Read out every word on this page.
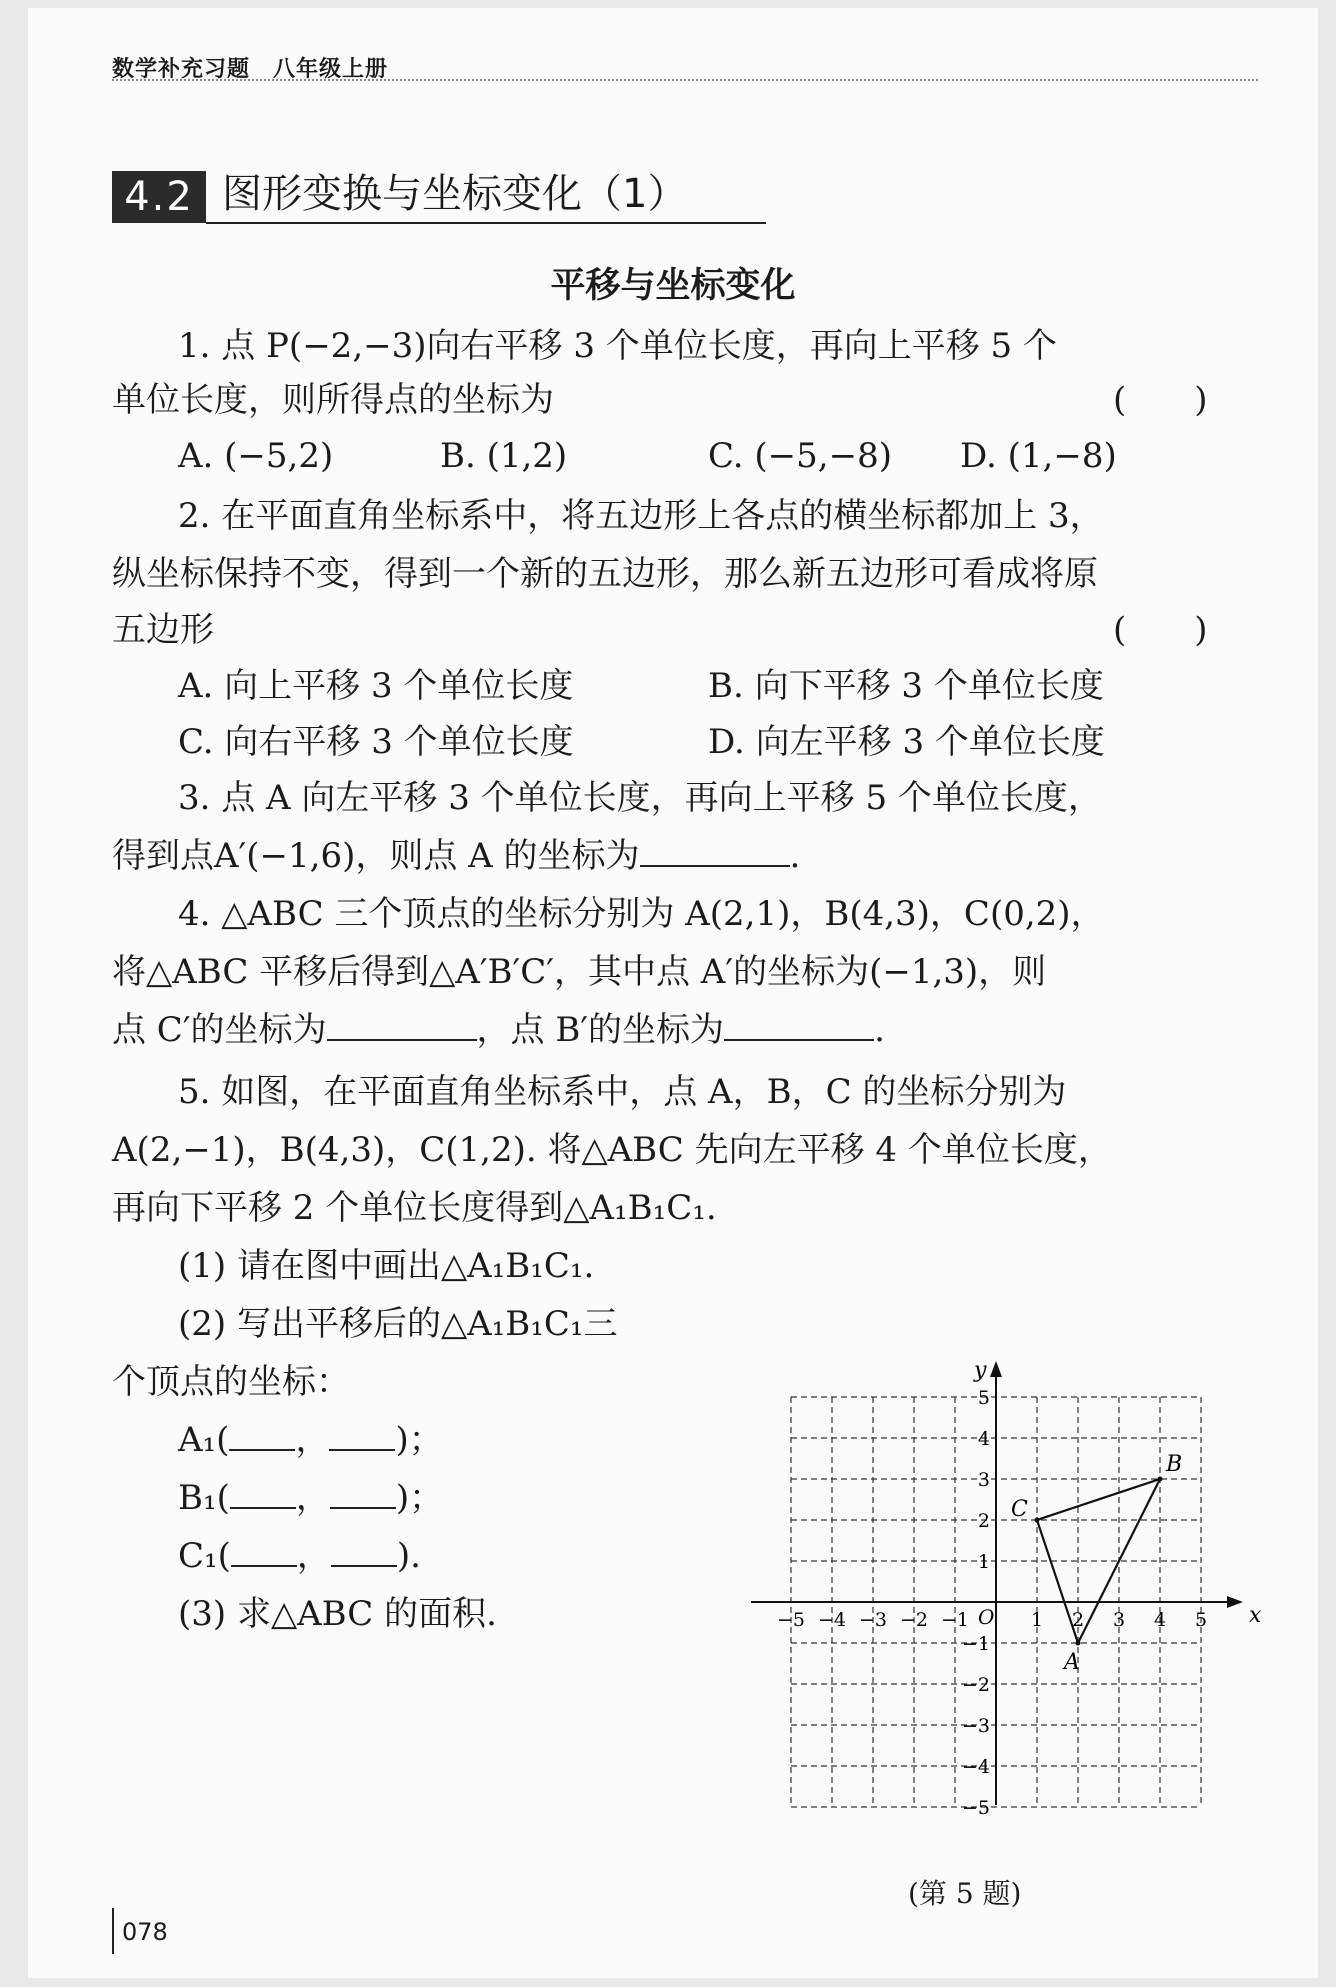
数学补充习题　八年级上册
4.2 图形变换与坐标变化（1）
平移与坐标变化
1. 点 P(−2,−3)向右平移 3 个单位长度，再向上平移 5 个
单位长度，则所得点的坐标为	(　　)
A. (−5,2)	B. (1,2)	C. (−5,−8) D. (1,−8)
2. 在平面直角坐标系中，将五边形上各点的横坐标都加上 3，
纵坐标保持不变，得到一个新的五边形，那么新五边形可看成将原
五边形	(　　)
A. 向上平移 3 个单位长度	B. 向下平移 3 个单位长度
C. 向右平移 3 个单位长度	D. 向左平移 3 个单位长度
3. 点 A 向左平移 3 个单位长度，再向上平移 5 个单位长度，
得到点A′(−1,6)，则点 A 的坐标为	.
4. △ABC 三个顶点的坐标分别为 A(2,1)，B(4,3)，C(0,2)，
将△ABC 平移后得到△A′B′C′，其中点 A′的坐标为(−1,3)，则
点 C′的坐标为	，点 B′的坐标为	.
5. 如图，在平面直角坐标系中，点 A，B，C 的坐标分别为
A(2,−1)，B(4,3)，C(1,2). 将△ABC 先向左平移 4 个单位长度，
再向下平移 2 个单位长度得到△A₁B₁C₁.
(1) 请在图中画出△A₁B₁C₁.
(2) 写出平移后的△A₁B₁C₁三
个顶点的坐标：
A₁( ， )；
B₁( ， )；
C₁( ， ).
(3) 求△ABC 的面积.	x
y
O
−5 −4 −3 −2 −1	1 2 3 4 5
5
4
3
2
1
−1
−2
−3
−4
−5
A
B
C
(第 5 题)
078
